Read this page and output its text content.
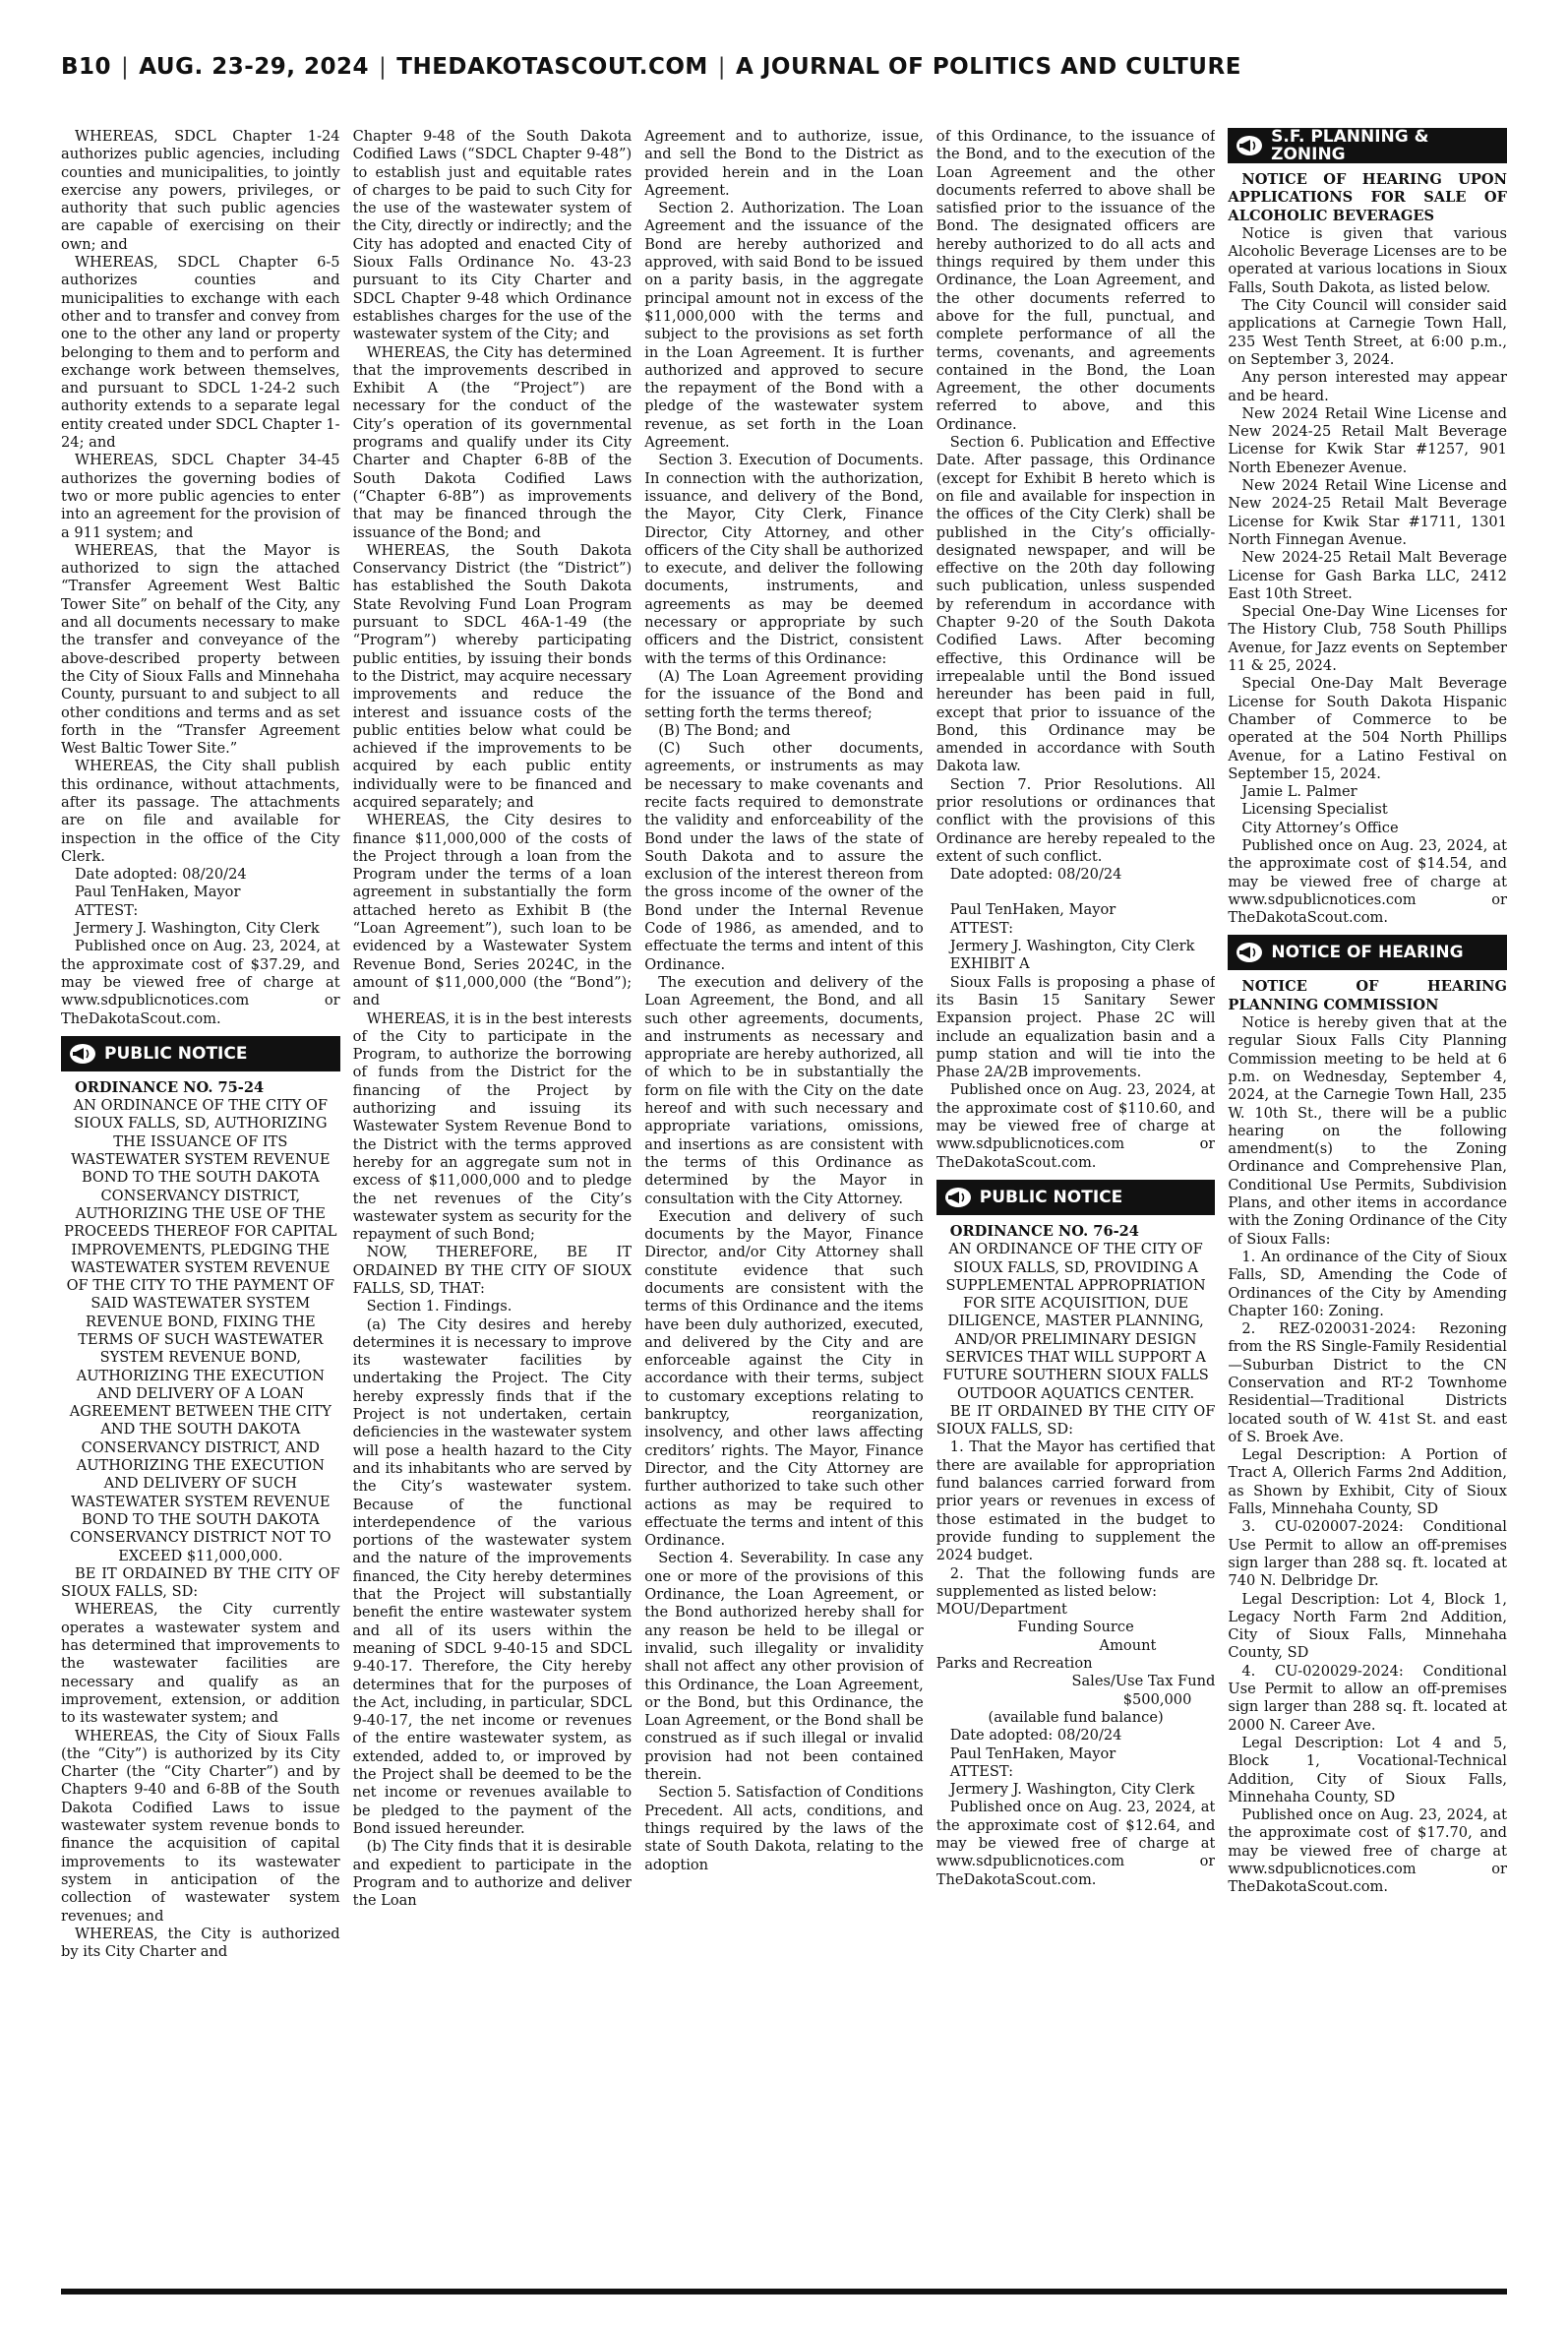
B10 | AUG. 23-29, 2024 | THEDAKOTASCOUT.COM | A JOURNAL OF POLITICS AND CULTURE

WHEREAS, SDCL Chapter 1-24 authorizes public agencies, including counties and municipalities, to jointly exercise any powers, privileges, or authority that such public agencies are capable of exercising on their own; and

WHEREAS, SDCL Chapter 6-5 authorizes counties and municipalities to exchange with each other and to transfer and convey from one to the other any land or property belonging to them and to perform and exchange work between themselves, and pursuant to SDCL 1-24-2 such authority extends to a separate legal entity created under SDCL Chapter 1-24; and

WHEREAS, SDCL Chapter 34-45 authorizes the governing bodies of two or more public agencies to enter into an agreement for the provision of a 911 system; and

WHEREAS, that the Mayor is authorized to sign the attached “Transfer Agreement West Baltic Tower Site” on behalf of the City, any and all documents necessary to make the transfer and conveyance of the above-described property between the City of Sioux Falls and Minnehaha County, pursuant to and subject to all other conditions and terms and as set forth in the “Transfer Agreement West Baltic Tower Site.”

WHEREAS, the City shall publish this ordinance, without attachments, after its passage. The attachments are on file and available for inspection in the office of the City Clerk.

Date adopted: 08/20/24

Paul TenHaken, Mayor

ATTEST:

Jermery J. Washington, City Clerk

Published once on Aug. 23, 2024, at the approximate cost of $37.29, and may be viewed free of charge at www.sdpublicnotices.com or TheDakotaScout.com.

PUBLIC NOTICE

ORDINANCE NO. 75-24

AN ORDINANCE OF THE CITY OF SIOUX FALLS, SD, AUTHORIZING THE ISSUANCE OF ITS WASTEWATER SYSTEM REVENUE BOND TO THE SOUTH DAKOTA CONSERVANCY DISTRICT, AUTHORIZING THE USE OF THE PROCEEDS THEREOF FOR CAPITAL IMPROVEMENTS, PLEDGING THE WASTEWATER SYSTEM REVENUE OF THE CITY TO THE PAYMENT OF SAID WASTEWATER SYSTEM REVENUE BOND, FIXING THE TERMS OF SUCH WASTEWATER SYSTEM REVENUE BOND, AUTHORIZING THE EXECUTION AND DELIVERY OF A LOAN AGREEMENT BETWEEN THE CITY AND THE SOUTH DAKOTA CONSERVANCY DISTRICT, AND AUTHORIZING THE EXECUTION AND DELIVERY OF SUCH WASTEWATER SYSTEM REVENUE BOND TO THE SOUTH DAKOTA CONSERVANCY DISTRICT NOT TO EXCEED $11,000,000.

BE IT ORDAINED BY THE CITY OF SIOUX FALLS, SD:

WHEREAS, the City currently operates a wastewater system and has determined that improvements to the wastewater facilities are necessary and qualify as an improvement, extension, or addition to its wastewater system; and

WHEREAS, the City of Sioux Falls (the “City”) is authorized by its City Charter (the “City Charter”) and by Chapters 9-40 and 6-8B of the South Dakota Codified Laws to issue wastewater system revenue bonds to finance the acquisition of capital improvements to its wastewater system in anticipation of the collection of wastewater system revenues; and

WHEREAS, the City is authorized by its City Charter and

Chapter 9-48 of the South Dakota Codified Laws (“SDCL Chapter 9-48”) to establish just and equitable rates of charges to be paid to such City for the use of the wastewater system of the City, directly or indirectly; and the City has adopted and enacted City of Sioux Falls Ordinance No. 43-23 pursuant to its City Charter and SDCL Chapter 9-48 which Ordinance establishes charges for the use of the wastewater system of the City; and

WHEREAS, the City has determined that the improvements described in Exhibit A (the “Project”) are necessary for the conduct of the City’s operation of its governmental programs and qualify under its City Charter and Chapter 6-8B of the South Dakota Codified Laws (“Chapter 6-8B”) as improvements that may be financed through the issuance of the Bond; and

WHEREAS, the South Dakota Conservancy District (the “District”) has established the South Dakota State Revolving Fund Loan Program pursuant to SDCL 46A-1-49 (the “Program”) whereby participating public entities, by issuing their bonds to the District, may acquire necessary improvements and reduce the interest and issuance costs of the public entities below what could be achieved if the improvements to be acquired by each public entity individually were to be financed and acquired separately; and

WHEREAS, the City desires to finance $11,000,000 of the costs of the Project through a loan from the Program under the terms of a loan agreement in substantially the form attached hereto as Exhibit B (the “Loan Agreement”), such loan to be evidenced by a Wastewater System Revenue Bond, Series 2024C, in the amount of $11,000,000 (the “Bond”); and

WHEREAS, it is in the best interests of the City to participate in the Program, to authorize the borrowing of funds from the District for the financing of the Project by authorizing and issuing its Wastewater System Revenue Bond to the District with the terms approved hereby for an aggregate sum not in excess of $11,000,000 and to pledge the net revenues of the City’s wastewater system as security for the repayment of such Bond;

NOW, THEREFORE, BE IT ORDAINED BY THE CITY OF SIOUX FALLS, SD, THAT:

Section 1. Findings.

(a) The City desires and hereby determines it is necessary to improve its wastewater facilities by undertaking the Project. The City hereby expressly finds that if the Project is not undertaken, certain deficiencies in the wastewater system will pose a health hazard to the City and its inhabitants who are served by the City’s wastewater system. Because of the functional interdependence of the various portions of the wastewater system and the nature of the improvements financed, the City hereby determines that the Project will substantially benefit the entire wastewater system and all of its users within the meaning of SDCL 9-40-15 and SDCL 9-40-17. Therefore, the City hereby determines that for the purposes of the Act, including, in particular, SDCL 9-40-17, the net income or revenues of the entire wastewater system, as extended, added to, or improved by the Project shall be deemed to be the net income or revenues available to be pledged to the payment of the Bond issued hereunder.

(b) The City finds that it is desirable and expedient to participate in the Program and to authorize and deliver the Loan

Agreement and to authorize, issue, and sell the Bond to the District as provided herein and in the Loan Agreement.

Section 2. Authorization. The Loan Agreement and the issuance of the Bond are hereby authorized and approved, with said Bond to be issued on a parity basis, in the aggregate principal amount not in excess of the $11,000,000 with the terms and subject to the provisions as set forth in the Loan Agreement. It is further authorized and approved to secure the repayment of the Bond with a pledge of the wastewater system revenue, as set forth in the Loan Agreement.

Section 3. Execution of Documents. In connection with the authorization, issuance, and delivery of the Bond, the Mayor, City Clerk, Finance Director, City Attorney, and other officers of the City shall be authorized to execute, and deliver the following documents, instruments, and agreements as may be deemed necessary or appropriate by such officers and the District, consistent with the terms of this Ordinance:

(A) The Loan Agreement providing for the issuance of the Bond and setting forth the terms thereof;

(B) The Bond; and

(C) Such other documents, agreements, or instruments as may be necessary to make covenants and recite facts required to demonstrate the validity and enforceability of the Bond under the laws of the state of South Dakota and to assure the exclusion of the interest thereon from the gross income of the owner of the Bond under the Internal Revenue Code of 1986, as amended, and to effectuate the terms and intent of this Ordinance.

The execution and delivery of the Loan Agreement, the Bond, and all such other agreements, documents, and instruments as necessary and appropriate are hereby authorized, all of which to be in substantially the form on file with the City on the date hereof and with such necessary and appropriate variations, omissions, and insertions as are consistent with the terms of this Ordinance as determined by the Mayor in consultation with the City Attorney.

Execution and delivery of such documents by the Mayor, Finance Director, and/or City Attorney shall constitute evidence that such documents are consistent with the terms of this Ordinance and the items have been duly authorized, executed, and delivered by the City and are enforceable against the City in accordance with their terms, subject to customary exceptions relating to bankruptcy, reorganization, insolvency, and other laws affecting creditors’ rights. The Mayor, Finance Director, and the City Attorney are further authorized to take such other actions as may be required to effectuate the terms and intent of this Ordinance.

Section 4. Severability. In case any one or more of the provisions of this Ordinance, the Loan Agreement, or the Bond authorized hereby shall for any reason be held to be illegal or invalid, such illegality or invalidity shall not affect any other provision of this Ordinance, the Loan Agreement, or the Bond, but this Ordinance, the Loan Agreement, or the Bond shall be construed as if such illegal or invalid provision had not been contained therein.

Section 5. Satisfaction of Conditions Precedent. All acts, conditions, and things required by the laws of the state of South Dakota, relating to the adoption

of this Ordinance, to the issuance of the Bond, and to the execution of the Loan Agreement and the other documents referred to above shall be satisfied prior to the issuance of the Bond. The designated officers are hereby authorized to do all acts and things required by them under this Ordinance, the Loan Agreement, and the other documents referred to above for the full, punctual, and complete performance of all the terms, covenants, and agreements contained in the Bond, the Loan Agreement, the other documents referred to above, and this Ordinance.

Section 6. Publication and Effective Date. After passage, this Ordinance (except for Exhibit B hereto which is on file and available for inspection in the offices of the City Clerk) shall be published in the City’s officially-designated newspaper, and will be effective on the 20th day following such publication, unless suspended by referendum in accordance with Chapter 9-20 of the South Dakota Codified Laws. After becoming effective, this Ordinance will be irrepealable until the Bond issued hereunder has been paid in full, except that prior to issuance of the Bond, this Ordinance may be amended in accordance with South Dakota law.

Section 7. Prior Resolutions. All prior resolutions or ordinances that conflict with the provisions of this Ordinance are hereby repealed to the extent of such conflict.

Date adopted: 08/20/24

Paul TenHaken, Mayor

ATTEST:

Jermery J. Washington, City Clerk

EXHIBIT A

Sioux Falls is proposing a phase of its Basin 15 Sanitary Sewer Expansion project. Phase 2C will include an equalization basin and a pump station and will tie into the Phase 2A/2B improvements.

Published once on Aug. 23, 2024, at the approximate cost of $110.60, and may be viewed free of charge at www.sdpublicnotices.com or TheDakotaScout.com.

PUBLIC NOTICE

ORDINANCE NO. 76-24

AN ORDINANCE OF THE CITY OF SIOUX FALLS, SD, PROVIDING A SUPPLEMENTAL APPROPRIATION FOR SITE ACQUISITION, DUE DILIGENCE, MASTER PLANNING, AND/OR PRELIMINARY DESIGN SERVICES THAT WILL SUPPORT A FUTURE SOUTHERN SIOUX FALLS OUTDOOR AQUATICS CENTER.

BE IT ORDAINED BY THE CITY OF SIOUX FALLS, SD:

1. That the Mayor has certified that there are available for appropriation fund balances carried forward from prior years or revenues in excess of those estimated in the budget to provide funding to supplement the 2024 budget.

2. That the following funds are supplemented as listed below:

MOU/Department

Funding Source

Amount

Parks and Recreation

Sales/Use Tax Fund

$500,000

(available fund balance)

Date adopted: 08/20/24

Paul TenHaken, Mayor

ATTEST:

Jermery J. Washington, City Clerk

Published once on Aug. 23, 2024, at the approximate cost of $12.64, and may be viewed free of charge at www.sdpublicnotices.com or TheDakotaScout.com.

S.F. PLANNING & ZONING

NOTICE OF HEARING UPON APPLICATIONS FOR SALE OF ALCOHOLIC BEVERAGES

Notice is given that various Alcoholic Beverage Licenses are to be operated at various locations in Sioux Falls, South Dakota, as listed below.

The City Council will consider said applications at Carnegie Town Hall, 235 West Tenth Street, at 6:00 p.m., on September 3, 2024.

Any person interested may appear and be heard.

New 2024 Retail Wine License and New 2024-25 Retail Malt Beverage License for Kwik Star #1257, 901 North Ebenezer Avenue.

New 2024 Retail Wine License and New 2024-25 Retail Malt Beverage License for Kwik Star #1711, 1301 North Finnegan Avenue.

New 2024-25 Retail Malt Beverage License for Gash Barka LLC, 2412 East 10th Street.

Special One-Day Wine Licenses for The History Club, 758 South Phillips Avenue, for Jazz events on September 11 & 25, 2024.

Special One-Day Malt Beverage License for South Dakota Hispanic Chamber of Commerce to be operated at the 504 North Phillips Avenue, for a Latino Festival on September 15, 2024.

Jamie L. Palmer

Licensing Specialist

City Attorney’s Office

Published once on Aug. 23, 2024, at the approximate cost of $14.54, and may be viewed free of charge at www.sdpublicnotices.com or TheDakotaScout.com.

NOTICE OF HEARING

NOTICE OF HEARING PLANNING COMMISSION

Notice is hereby given that at the regular Sioux Falls City Planning Commission meeting to be held at 6 p.m. on Wednesday, September 4, 2024, at the Carnegie Town Hall, 235 W. 10th St., there will be a public hearing on the following amendment(s) to the Zoning Ordinance and Comprehensive Plan, Conditional Use Permits, Subdivision Plans, and other items in accordance with the Zoning Ordinance of the City of Sioux Falls:

1. An ordinance of the City of Sioux Falls, SD, Amending the Code of Ordinances of the City by Amending Chapter 160: Zoning.

2. REZ-020031-2024: Rezoning from the RS Single-Family Residential—Suburban District to the CN Conservation and RT-2 Townhome Residential—Traditional Districts located south of W. 41st St. and east of S. Broek Ave.

Legal Description: A Portion of Tract A, Ollerich Farms 2nd Addition, as Shown by Exhibit, City of Sioux Falls, Minnehaha County, SD

3. CU-020007-2024: Conditional Use Permit to allow an off-premises sign larger than 288 sq. ft. located at 740 N. Delbridge Dr.

Legal Description: Lot 4, Block 1, Legacy North Farm 2nd Addition, City of Sioux Falls, Minnehaha County, SD

4. CU-020029-2024: Conditional Use Permit to allow an off-premises sign larger than 288 sq. ft. located at 2000 N. Career Ave.

Legal Description: Lot 4 and 5, Block 1, Vocational-Technical Addition, City of Sioux Falls, Minnehaha County, SD

Published once on Aug. 23, 2024, at the approximate cost of $17.70, and may be viewed free of charge at www.sdpublicnotices.com or TheDakotaScout.com.
